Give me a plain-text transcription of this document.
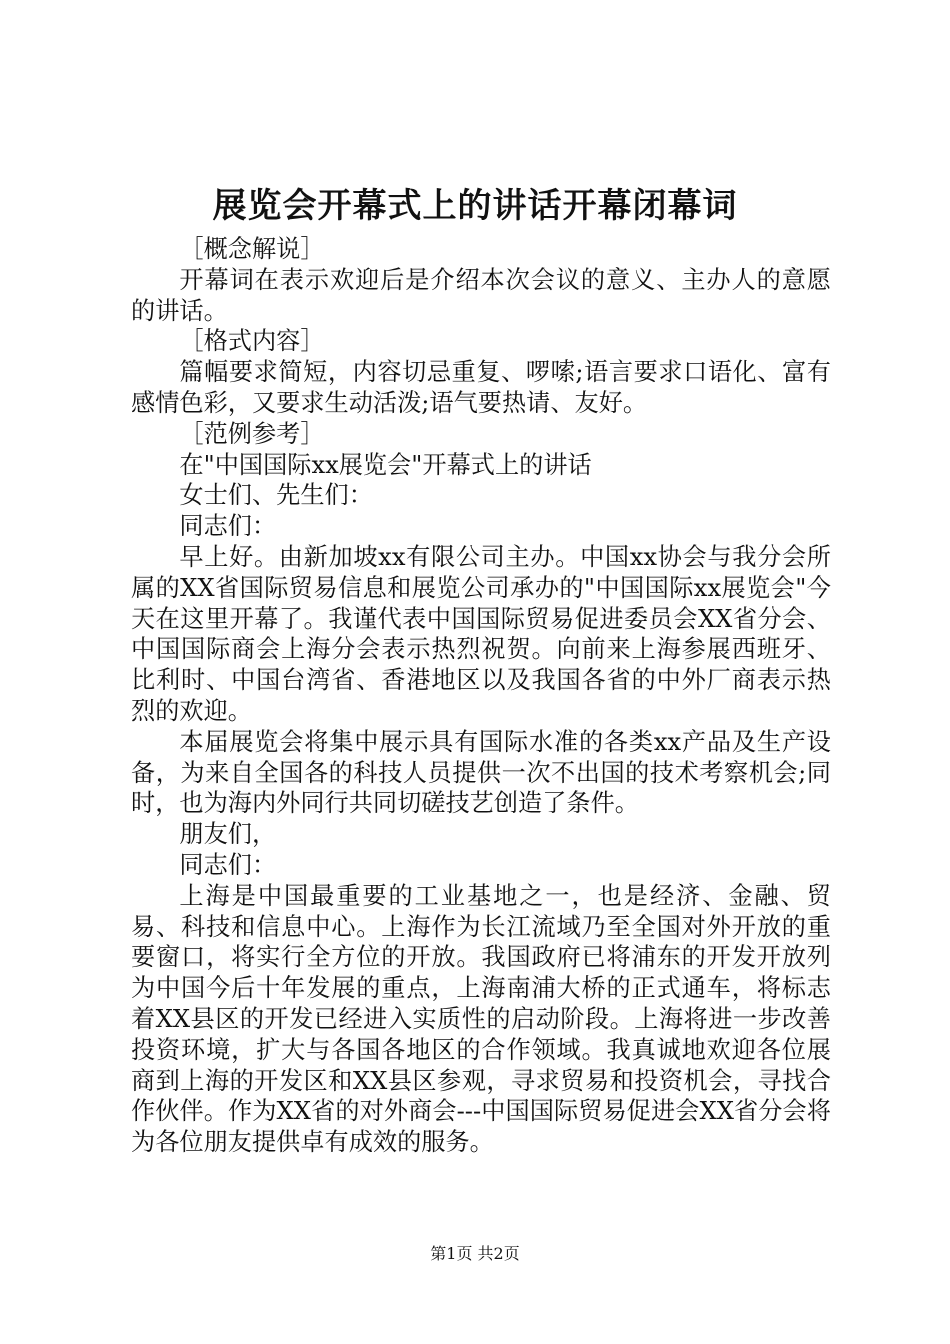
展览会开幕式上的讲话开幕闭幕词

［概念解说］

开幕词在表示欢迎后是介绍本次会议的意义、主办人的意愿的讲话。

［格式内容］

篇幅要求简短，内容切忌重复、啰嗦;语言要求口语化、富有感情色彩，又要求生动活泼;语气要热请、友好。

［范例参考］

在"中国国际xx展览会"开幕式上的讲话

女士们、先生们：

同志们：

早上好。由新加坡xx有限公司主办。中国xx协会与我分会所属的XX省国际贸易信息和展览公司承办的"中国国际xx展览会"今天在这里开幕了。我谨代表中国国际贸易促进委员会XX省分会、中国国际商会上海分会表示热烈祝贺。向前来上海参展西班牙、比利时、中国台湾省、香港地区以及我国各省的中外厂商表示热烈的欢迎。

本届展览会将集中展示具有国际水准的各类xx产品及生产设备，为来自全国各的科技人员提供一次不出国的技术考察机会;同时，也为海内外同行共同切磋技艺创造了条件。

朋友们，

同志们：

上海是中国最重要的工业基地之一，也是经济、金融、贸易、科技和信息中心。上海作为长江流域乃至全国对外开放的重要窗口，将实行全方位的开放。我国政府已将浦东的开发开放列为中国今后十年发展的重点，上海南浦大桥的正式通车，将标志着XX县区的开发已经进入实质性的启动阶段。上海将进一步改善投资环境，扩大与各国各地区的合作领域。我真诚地欢迎各位展商到上海的开发区和XX县区参观，寻求贸易和投资机会，寻找合作伙伴。作为XX省的对外商会---中国国际贸易促进会XX省分会将为各位朋友提供卓有成效的服务。

第1页 共2页
